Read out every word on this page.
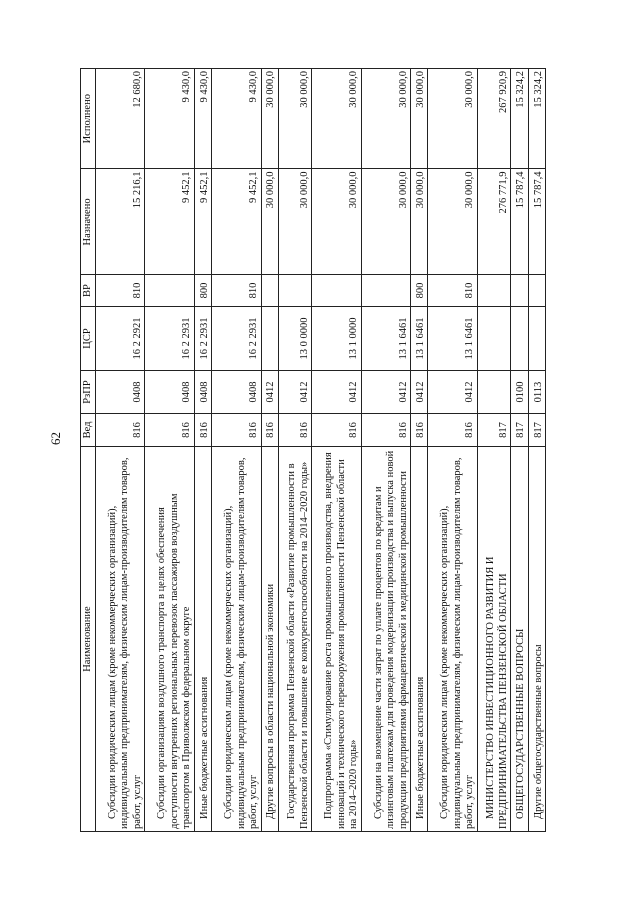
62
Наименование	Вед	РзПР	ЦСР	ВР	Назначено	Исполнено

Субсидии юридическим лицам (кроме некоммерческих организаций), индивидуальным предпринимателям, физическим лицам-производителям товаров, работ, услуг	816	0408	16 2 2921	810	15 216,1	12 680,0

Субсидии организациям воздушного транспорта в целях обеспечения доступности внутренних региональных перевозок пассажиров воздушным транспортом в Приволжском федеральном округе	816	0408	16 2 2931		9 452,1	9 430,0

Иные бюджетные ассигнования	816	0408	16 2 2931	800	9 452,1	9 430,0

Субсидии юридическим лицам (кроме некоммерческих организаций), индивидуальным предпринимателям, физическим лицам-производителям товаров, работ, услуг	816	0408	16 2 2931	810	9 452,1	9 430,0

Другие вопросы в области национальной экономики	816	0412			30 000,0	30 000,0

Государственная программа Пензенской области «Развитие промышленности в Пензенской области и повышение ее конкурентоспособности на 2014–2020 годы»	816	0412	13 0 0000		30 000,0	30 000,0

Подпрограмма «Стимулирование роста промышленного производства, внедрения инноваций и технического перевооружения промышленности Пензенской области на 2014–2020 годы»	816	0412	13 1 0000		30 000,0	30 000,0

Субсидии на возмещение части затрат по уплате процентов по кредитам и лизинговым платежам для проведения модернизации производства и выпуска новой продукции предприятиями фармацевтической и медицинской промышленности	816	0412	13 1 6461		30 000,0	30 000,0

Иные бюджетные ассигнования	816	0412	13 1 6461	800	30 000,0	30 000,0

Субсидии юридическим лицам (кроме некоммерческих организаций), индивидуальным предпринимателям, физическим лицам-производителям товаров, работ, услуг	816	0412	13 1 6461	810	30 000,0	30 000,0

МИНИСТЕРСТВО ИНВЕСТИЦИОННОГО РАЗВИТИЯ И ПРЕДПРИНИМАТЕЛЬСТВА ПЕНЗЕНСКОЙ ОБЛАСТИ	817				276 771,9	267 920,9

ОБЩЕГОСУДАРСТВЕННЫЕ ВОПРОСЫ	817	0100			15 787,4	15 324,2

Другие общегосударственные вопросы	817	0113			15 787,4	15 324,2
